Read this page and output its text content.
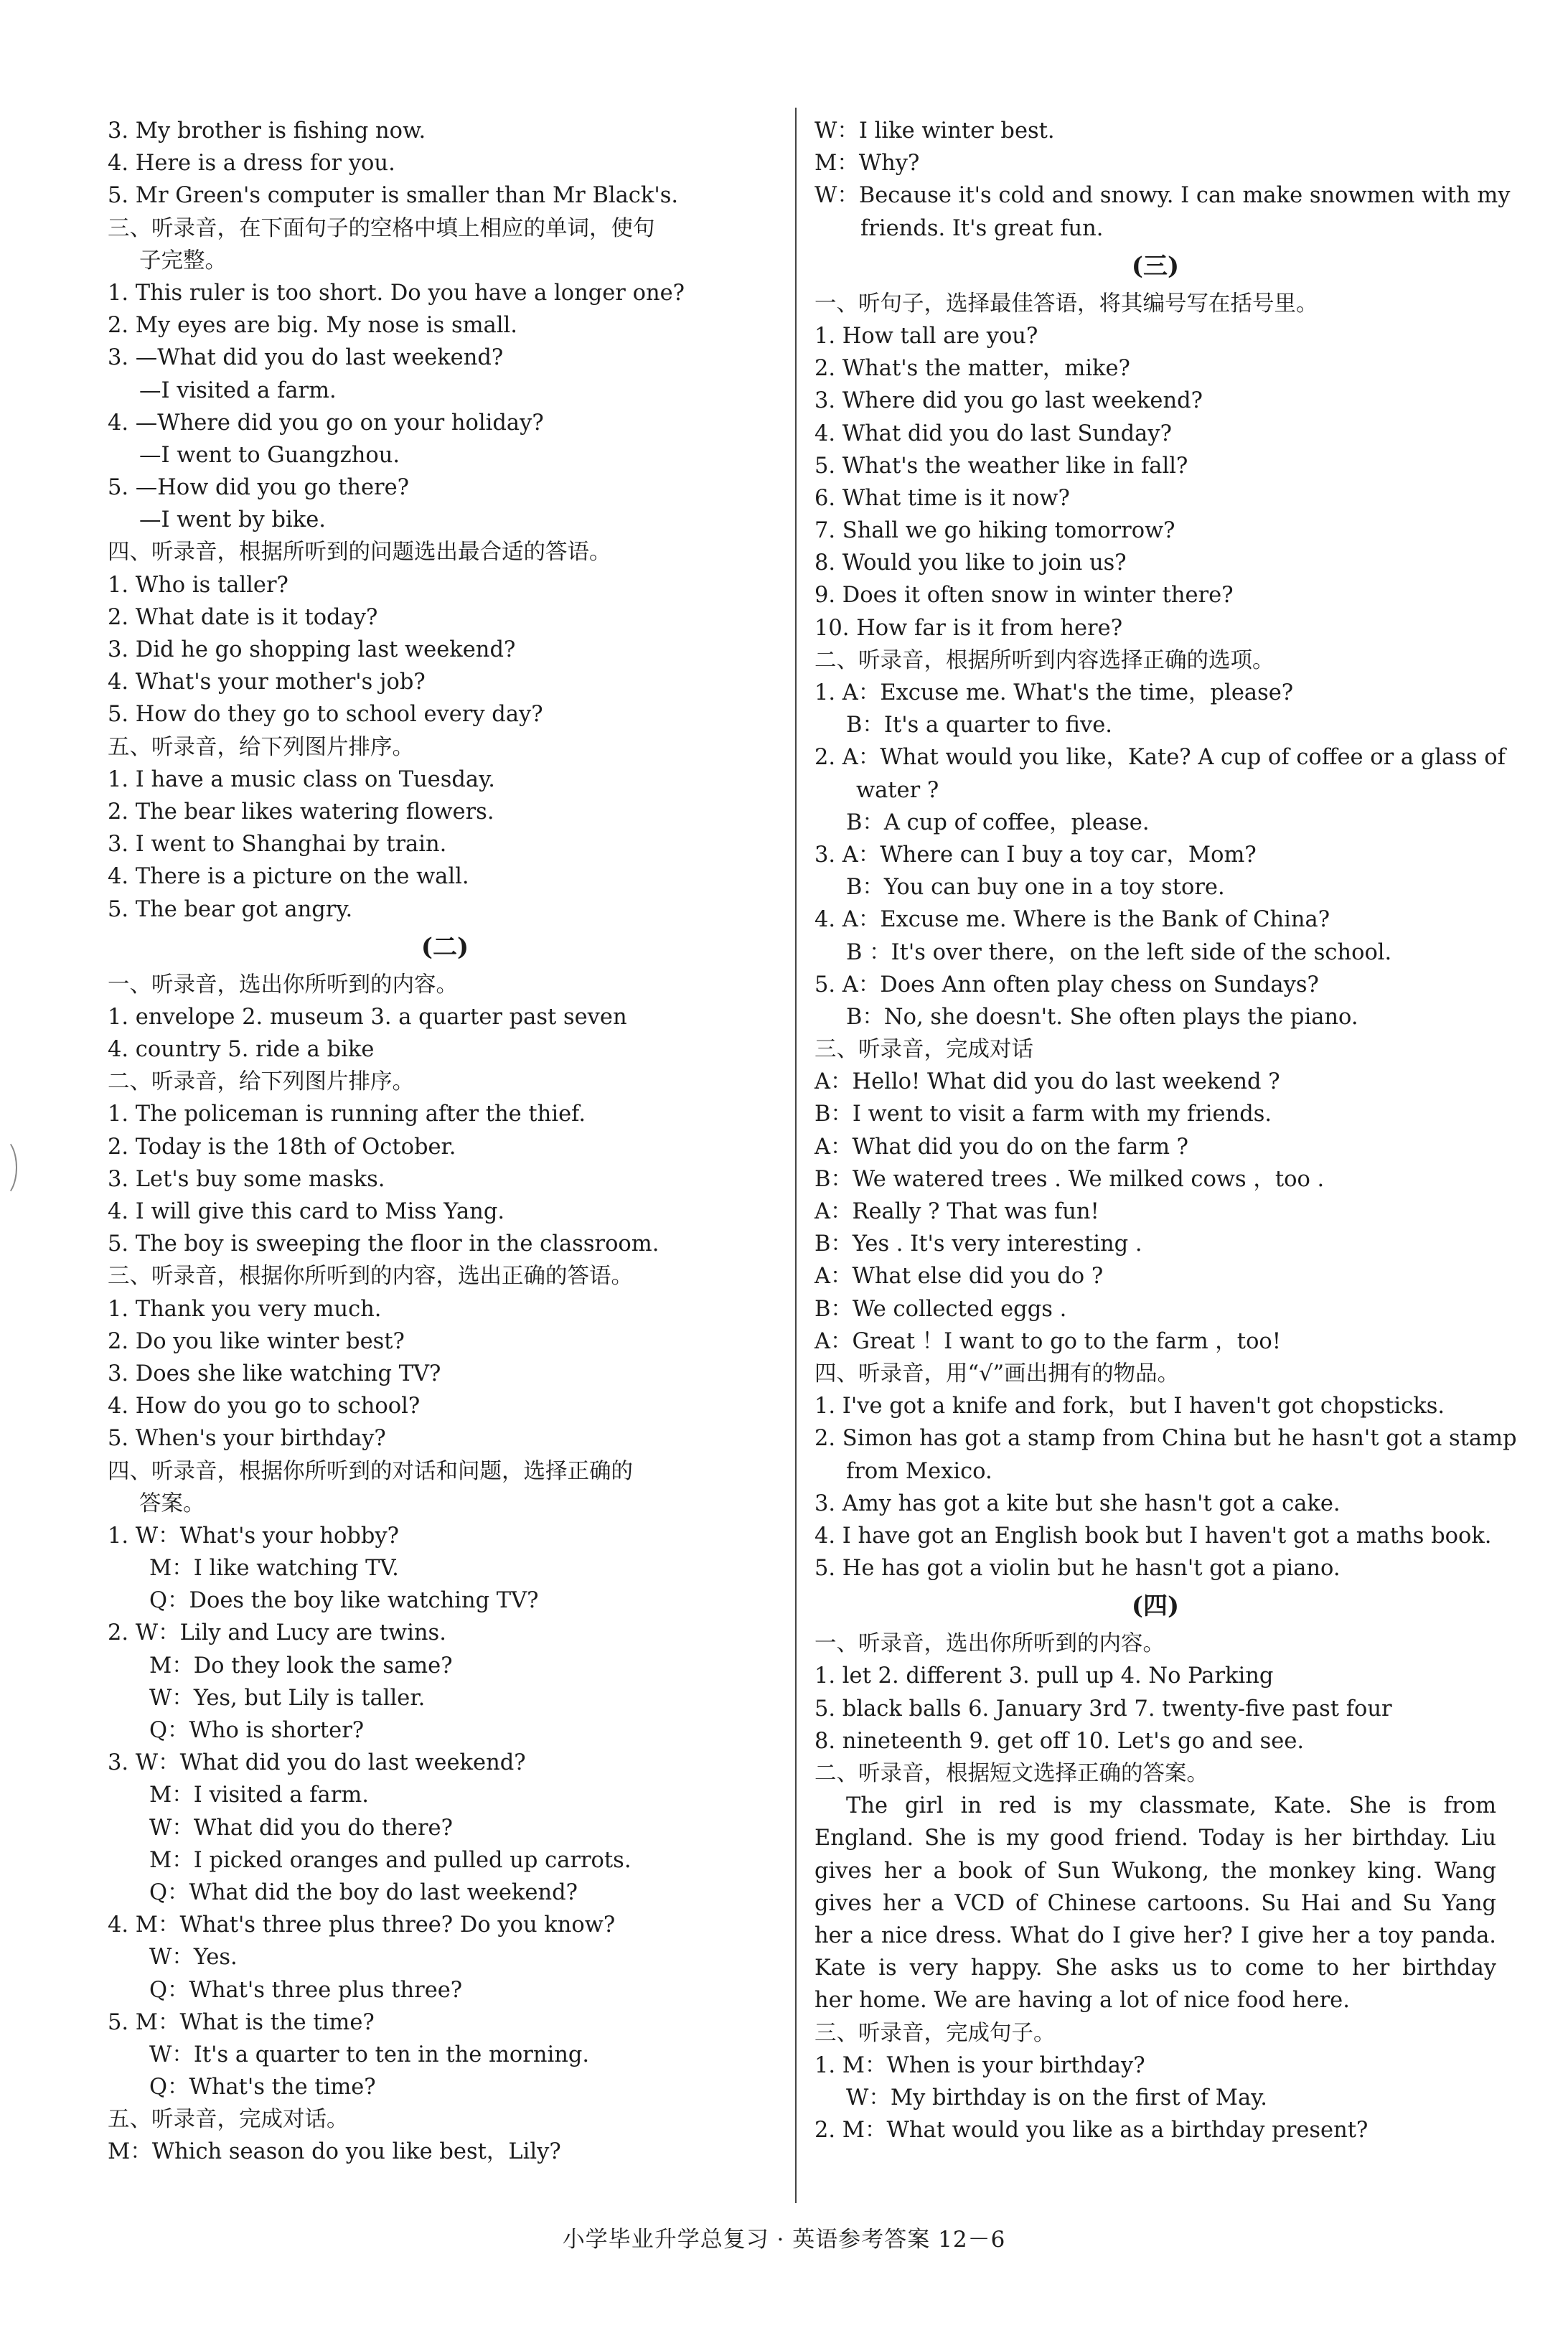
3. My brother is fishing now.
4. Here is a dress for you.
5. Mr Green's computer is smaller than Mr Black's.
三、听录音，在下面句子的空格中填上相应的单词，使句
子完整。
1. This ruler is too short. Do you have a longer one?
2. My eyes are big. My nose is small.
3. —What did you do last weekend?
—I visited a farm.
4. —Where did you go on your holiday?
—I went to Guangzhou.
5. —How did you go there?
—I went by bike.
四、听录音，根据所听到的问题选出最合适的答语。
1. Who is taller?
2. What date is it today?
3. Did he go shopping last weekend?
4. What's your mother's job?
5. How do they go to school every day?
五、听录音，给下列图片排序。
1. I have a music class on Tuesday.
2. The bear likes watering flowers.
3. I went to Shanghai by train.
4. There is a picture on the wall.
5. The bear got angry.
(二)
一、听录音，选出你所听到的内容。
1. envelope 2. museum 3. a quarter past seven
4. country 5. ride a bike
二、听录音，给下列图片排序。
1. The policeman is running after the thief.
2. Today is the 18th of October.
3. Let's buy some masks.
4. I will give this card to Miss Yang.
5. The boy is sweeping the floor in the classroom.
三、听录音，根据你所听到的内容，选出正确的答语。
1. Thank you very much.
2. Do you like winter best?
3. Does she like watching TV?
4. How do you go to school?
5. When's your birthday?
四、听录音，根据你所听到的对话和问题，选择正确的
答案。
1. W：What's your hobby?
M：I like watching TV.
Q：Does the boy like watching TV?
2. W：Lily and Lucy are twins.
M：Do they look the same?
W：Yes, but Lily is taller.
Q：Who is shorter?
3. W：What did you do last weekend?
M：I visited a farm.
W：What did you do there?
M：I picked oranges and pulled up carrots.
Q：What did the boy do last weekend?
4. M：What's three plus three? Do you know?
W：Yes.
Q：What's three plus three?
5. M：What is the time?
W：It's a quarter to ten in the morning.
Q：What's the time?
五、听录音，完成对话。
M：Which season do you like best，Lily?
W：I like winter best.
M：Why?
W：Because it's cold and snowy. I can make snowmen with my
friends. It's great fun.
(三)
一、听句子，选择最佳答语，将其编号写在括号里。
1. How tall are you?
2. What's the matter，mike?
3. Where did you go last weekend?
4. What did you do last Sunday?
5. What's the weather like in fall?
6. What time is it now?
7. Shall we go hiking tomorrow?
8. Would you like to join us?
9. Does it often snow in winter there?
10. How far is it from here?
二、听录音，根据所听到内容选择正确的选项。
1. A：Excuse me. What's the time，please?
B：It's a quarter to five.
2. A：What would you like，Kate? A cup of coffee or a glass of
water ?
B：A cup of coffee，please.
3. A：Where can I buy a toy car，Mom?
B：You can buy one in a toy store.
4. A：Excuse me. Where is the Bank of China?
B ：It's over there，on the left side of the school.
5. A：Does Ann often play chess on Sundays?
B：No, she doesn't. She often plays the piano.
三、听录音，完成对话
A：Hello! What did you do last weekend ?
B：I went to visit a farm with my friends.
A：What did you do on the farm ?
B：We watered trees . We milked cows ，too .
A：Really ? That was fun!
B：Yes . It's very interesting .
A：What else did you do ?
B：We collected eggs .
A：Great ！I want to go to the farm ，too!
四、听录音，用“√”画出拥有的物品。
1. I've got a knife and fork，but I haven't got chopsticks.
2. Simon has got a stamp from China but he hasn't got a stamp
from Mexico.
3. Amy has got a kite but she hasn't got a cake.
4. I have got an English book but I haven't got a maths book.
5. He has got a violin but he hasn't got a piano.
(四)
一、听录音，选出你所听到的内容。
1. let 2. different 3. pull up 4. No Parking
5. black balls 6. January 3rd 7. twenty-five past four
8. nineteenth 9. get off 10. Let's go and see.
二、听录音，根据短文选择正确的答案。
The girl in red is my classmate, Kate. She is from
England. She is my good friend. Today is her birthday. Liu
gives her a book of Sun Wukong, the monkey king. Wang
gives her a VCD of Chinese cartoons. Su Hai and Su Yang
her a nice dress. What do I give her? I give her a toy panda.
Kate is very happy. She asks us to come to her birthday
her home. We are having a lot of nice food here.
三、听录音，完成句子。
1. M：When is your birthday?
W：My birthday is on the first of May.
2. M：What would you like as a birthday present?
小学毕业升学总复习 · 英语参考答案 12－6
